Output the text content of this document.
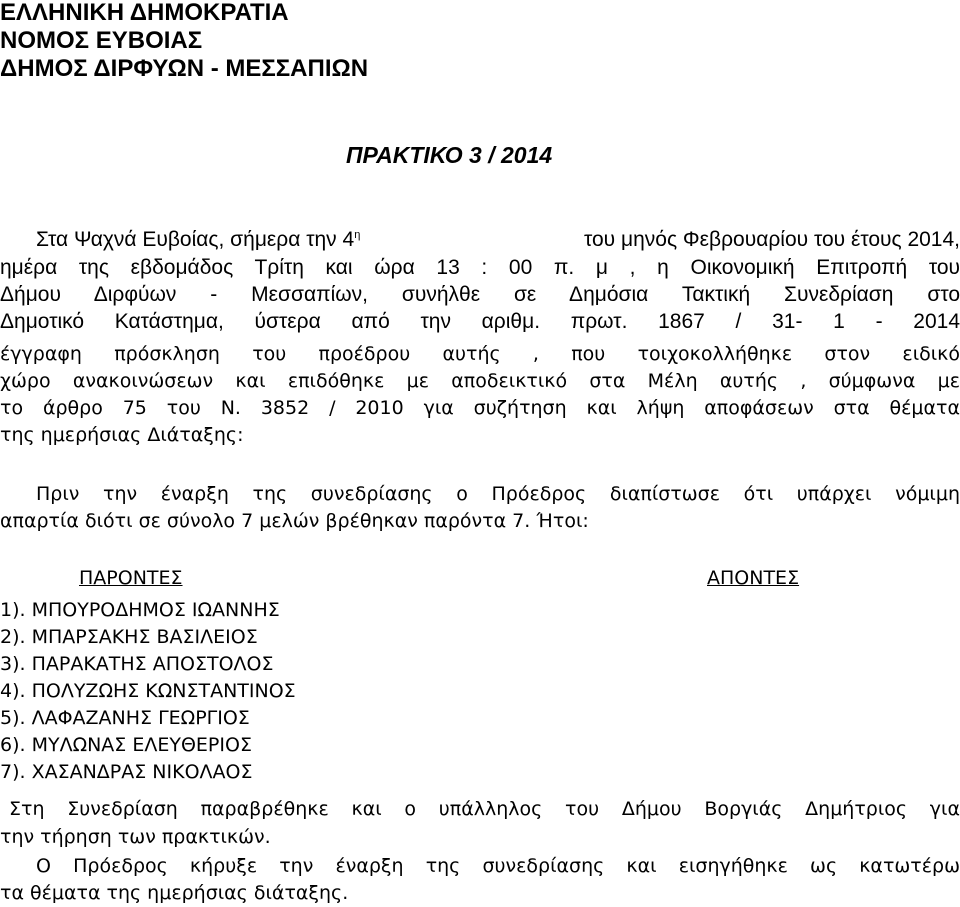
ΕΛΛΗΝΙΚΗ ΔΗΜΟΚΡΑΤΙΑ
ΝΟΜΟΣ ΕΥΒΟΙΑΣ
ΔΗΜΟΣ ΔΙΡΦΥΩΝ - ΜΕΣΣΑΠΙΩΝ
ΠΡΑΚΤΙΚΟ 3 / 2014
Στα Ψαχνά Ευβοίας, σήμερα την $4^\eta$	του μηνός Φεβρουαρίου του έτους 2014,
ημέρα της εβδομάδος Τρίτη και ώρα 13 : 00 π. μ , η Οικονομική Επιτροπή του
Δήμου Διρφύων - Μεσσαπίων, συνήλθε σε Δημόσια Τακτική Συνεδρίαση στο
Δημοτικό Κατάστημα, ύστερα από την αριθμ. πρωτ. 1867 / 31- 1 - 2014
έγγραφη πρόσκληση του προέδρου αυτής , που τοιχοκολλήθηκε στον ειδικό
χώρο ανακοινώσεων και επιδόθηκε με αποδεικτικό στα Μέλη αυτής , σύμφωνα με
το άρθρο 75 του Ν. 3852 / 2010 για συζήτηση και λήψη αποφάσεων στα θέματα
της ημερήσιας Διάταξης:
Πριν την έναρξη της συνεδρίασης ο Πρόεδρος διαπίστωσε ότι υπάρχει νόμιμη
απαρτία διότι σε σύνολο 7 μελών βρέθηκαν παρόντα 7. Ήτοι:
ΠΑΡΟΝΤΕΣ	ΑΠΟΝΤΕΣ
1). ΜΠΟΥΡΟΔΗΜΟΣ ΙΩΑΝΝΗΣ
2). ΜΠΑΡΣΑΚΗΣ ΒΑΣΙΛΕΙΟΣ
3). ΠΑΡΑΚΑΤΗΣ ΑΠΟΣΤΟΛΟΣ
4). ΠΟΛΥΖΩΗΣ ΚΩΝΣΤΑΝΤΙΝΟΣ
5). ΛΑΦΑΖΑΝΗΣ ΓΕΩΡΓΙΟΣ
6). ΜΥΛΩΝΑΣ ΕΛΕΥΘΕΡΙΟΣ
7). ΧΑΣΑΝΔΡΑΣ ΝΙΚΟΛΑΟΣ
Στη Συνεδρίαση παραβρέθηκε και ο υπάλληλος του Δήμου Βοργιάς Δημήτριος για
την τήρηση των πρακτικών.
Ο Πρόεδρος κήρυξε την έναρξη της συνεδρίασης και εισηγήθηκε ως κατωτέρω
τα θέματα της ημερήσιας διάταξης.
